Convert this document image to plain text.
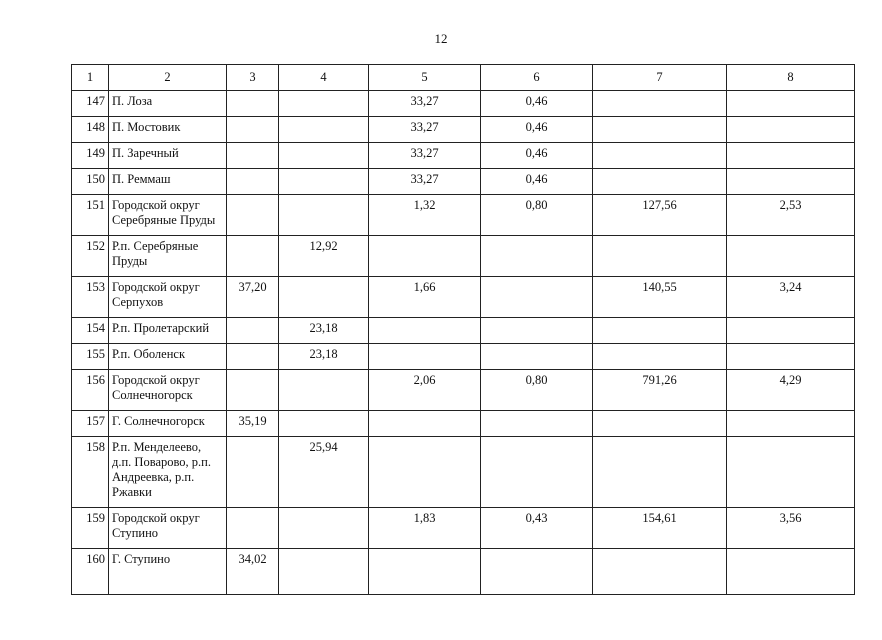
12
1	2	3	4	5	6	7	8
147	П. Лоза			33,27	0,46		
148	П. Мостовик			33,27	0,46		
149	П. Заречный			33,27	0,46		
150	П. Реммаш			33,27	0,46		
151	Городской округ Серебряные Пруды			1,32	0,80	127,56	2,53
152	Р.п. Серебряные Пруды		12,92				
153	Городской округ Серпухов	37,20		1,66		140,55	3,24
154	Р.п. Пролетарский		23,18				
155	Р.п. Оболенск		23,18				
156	Городской округ Солнечногорск			2,06	0,80	791,26	4,29
157	Г. Солнечногорск	35,19					
158	Р.п. Менделеево, д.п. Поварово, р.п. Андреевка, р.п. Ржавки		25,94				
159	Городской округ Ступино			1,83	0,43	154,61	3,56
160	Г. Ступино	34,02					
